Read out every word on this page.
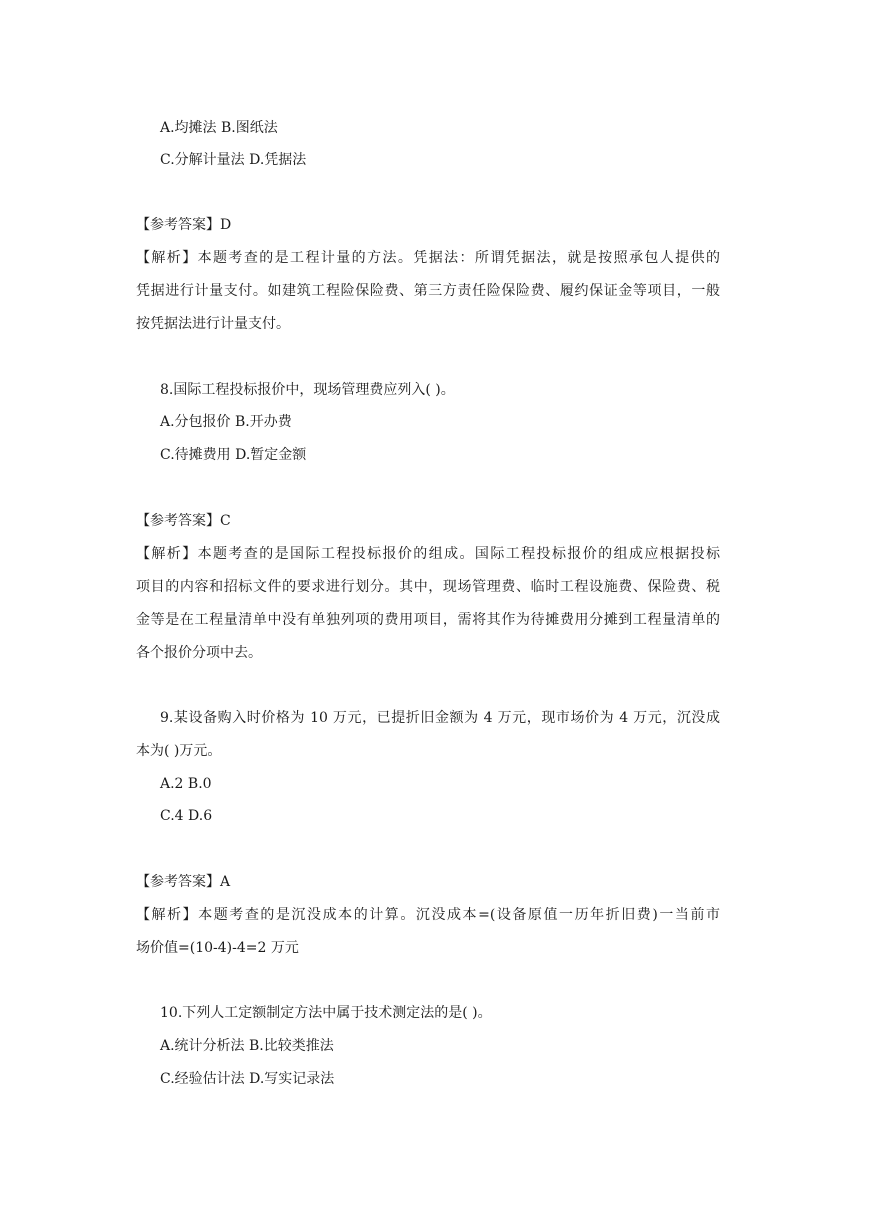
A.均摊法 B.图纸法
C.分解计量法 D.凭据法
【参考答案】D
【解析】本题考查的是工程计量的方法。凭据法：所谓凭据法，就是按照承包人提供的
凭据进行计量支付。如建筑工程险保险费、第三方责任险保险费、履约保证金等项目，一般
按凭据法进行计量支付。
8.国际工程投标报价中，现场管理费应列入( )。
A.分包报价 B.开办费
C.待摊费用 D.暂定金额
【参考答案】C
【解析】本题考查的是国际工程投标报价的组成。国际工程投标报价的组成应根据投标
项目的内容和招标文件的要求进行划分。其中，现场管理费、临时工程设施费、保险费、税
金等是在工程量清单中没有单独列项的费用项目，需将其作为待摊费用分摊到工程量清单的
各个报价分项中去。
9.某设备购入时价格为 10 万元，已提折旧金额为 4 万元，现市场价为 4 万元，沉没成
本为( )万元。
A.2 B.0
C.4 D.6
【参考答案】A
【解析】本题考查的是沉没成本的计算。沉没成本=(设备原值一历年折旧费)一当前市
场价值=(10-4)-4=2 万元
10.下列人工定额制定方法中属于技术测定法的是( )。
A.统计分析法 B.比较类推法
C.经验估计法 D.写实记录法
